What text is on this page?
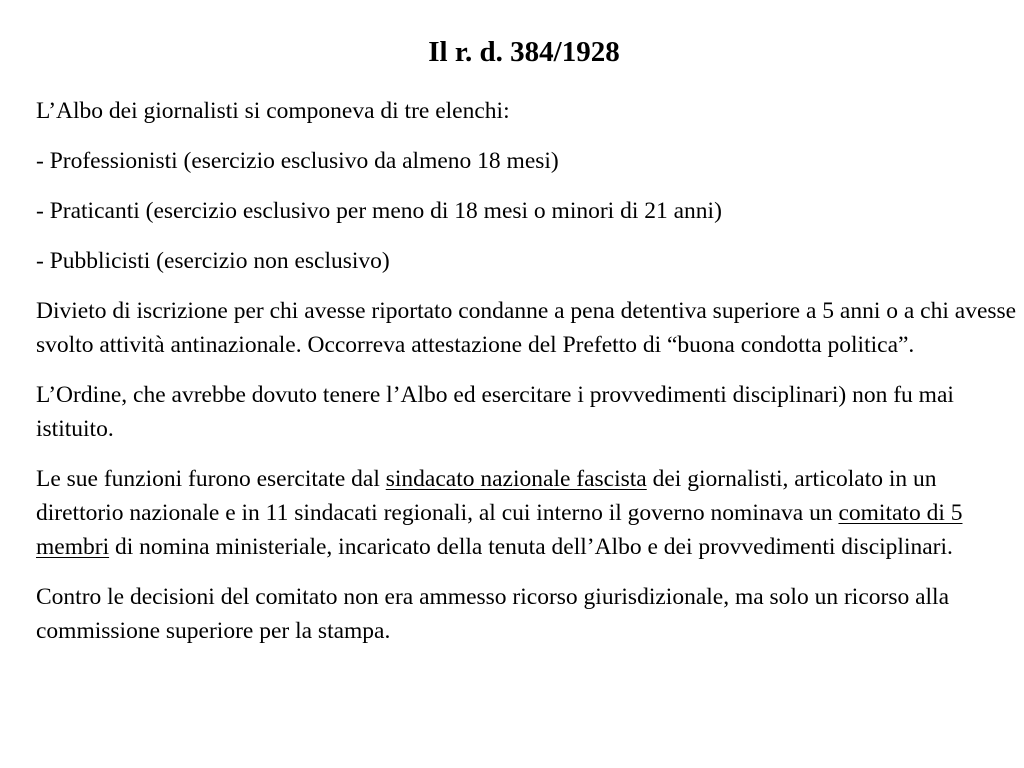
Il r. d. 384/1928

L’Albo dei giornalisti si componeva di tre elenchi:

- Professionisti (esercizio esclusivo da almeno 18 mesi)

- Praticanti (esercizio esclusivo per meno di 18 mesi o minori di 21 anni)

- Pubblicisti (esercizio non esclusivo)

Divieto di iscrizione per chi avesse riportato condanne a pena detentiva superiore a 5 anni o a chi avesse svolto attività antinazionale. Occorreva attestazione del Prefetto di “buona condotta politica”.

L’Ordine, che avrebbe dovuto tenere l’Albo ed esercitare i provvedimenti disciplinari) non fu mai istituito.

Le sue funzioni furono esercitate dal sindacato nazionale fascista dei giornalisti, articolato in un direttorio nazionale e in 11 sindacati regionali, al cui interno il governo nominava un comitato di 5 membri di nomina ministeriale, incaricato della tenuta dell’Albo e dei provvedimenti disciplinari.

Contro le decisioni del comitato non era ammesso ricorso giurisdizionale, ma solo un ricorso alla commissione superiore per la stampa.
